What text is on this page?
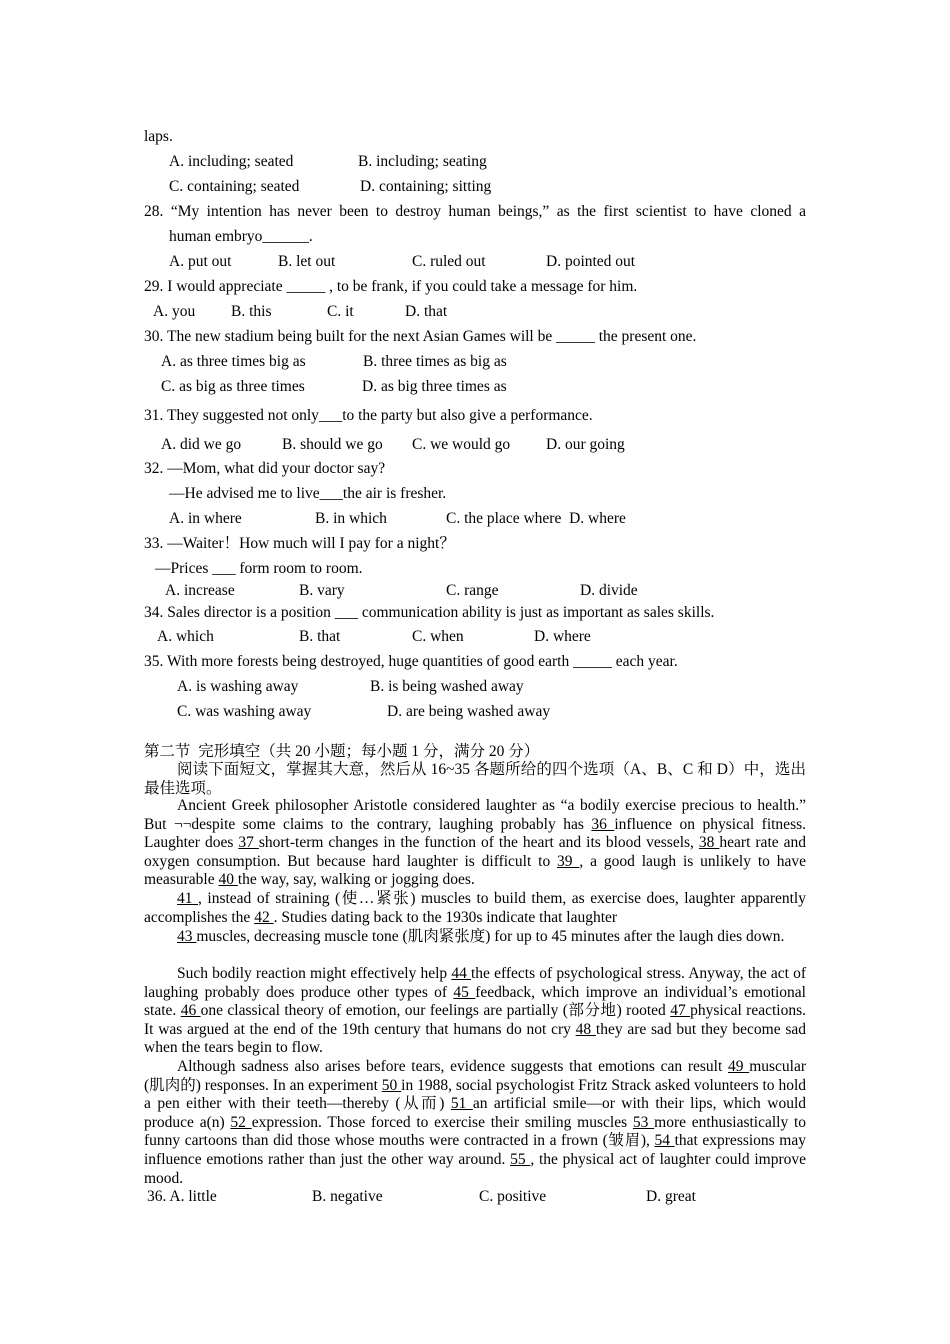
laps.
A. including; seated	B. including; seating
C. containing; seated	D. containing; sitting
28. “My intention has never been to destroy human beings,” as the first scientist to have cloned a
human embryo______.
A. put out	B. let out	C. ruled out	D. pointed out
29. I would appreciate _____ , to be frank, if you could take a message for him.
A. you B. this	C. it	D. that
30. The new stadium being built for the next Asian Games will be _____ the present one.
A. as three times big as	B. three times as big as
C. as big as three times	D. as big three times as
31. They suggested not only___to the party but also give a performance.
A. did we go	B. should we go C. we would go D. our going
32. —Mom, what did your doctor say?
—He advised me to live___the air is fresher.
A. in where	B. in which	C. the place where  D. where
33. —Waiter！How much will I pay for a night？
—Prices ___ form room to room.
A. increase	B. vary	C. range	D. divide
34. Sales director is a position ___ communication ability is just as important as sales skills.
A. which	B. that	C. when	D. where
35. With more forests being destroyed, huge quantities of good earth _____ each year.
A. is washing away	B. is being washed away
C. was washing away	D. are being washed away
第二节  完形填空（共 20 小题；每小题 1 分，满分 20 分）

阅读下面短文，掌握其大意，然后从 16~35 各题所给的四个选项（A、B、C 和 D）中，选出最佳选项。

Ancient Greek philosopher Aristotle considered laughter as “a bodily exercise precious to health.” But ¬¬despite some claims to the contrary, laughing probably has 36 influence on physical fitness. Laughter does 37 short-term changes in the function of the heart and its blood vessels, 38 heart rate and oxygen consumption. But because hard laughter is difficult to 39 , a good laugh is unlikely to have measurable 40 the way, say, walking or jogging does.

41 , instead of straining (使…紧张) muscles to build them, as exercise does, laughter apparently accomplishes the 42 . Studies dating back to the 1930s indicate that laughter

43 muscles, decreasing muscle tone (肌肉紧张度) for up to 45 minutes after the laugh dies down.

Such bodily reaction might effectively help 44 the effects of psychological stress. Anyway, the act of laughing probably does produce other types of 45 feedback, which improve an individual’s emotional state. 46 one classical theory of emotion, our feelings are partially (部分地) rooted 47 physical reactions. It was argued at the end of the 19th century that humans do not cry 48 they are sad but they become sad when the tears begin to flow.

Although sadness also arises before tears, evidence suggests that emotions can result 49 muscular (肌肉的) responses. In an experiment 50 in 1988, social psychologist Fritz Strack asked volunteers to hold a pen either with their teeth—thereby (从而) 51 an artificial smile—or with their lips, which would produce a(n) 52 expression. Those forced to exercise their smiling muscles 53 more enthusiastically to funny cartoons than did those whose mouths were contracted in a frown (皱眉), 54 that expressions may influence emotions rather than just the other way around. 55 , the physical act of laughter could improve mood.

36. A. little	B. negative	C. positive	D. great
